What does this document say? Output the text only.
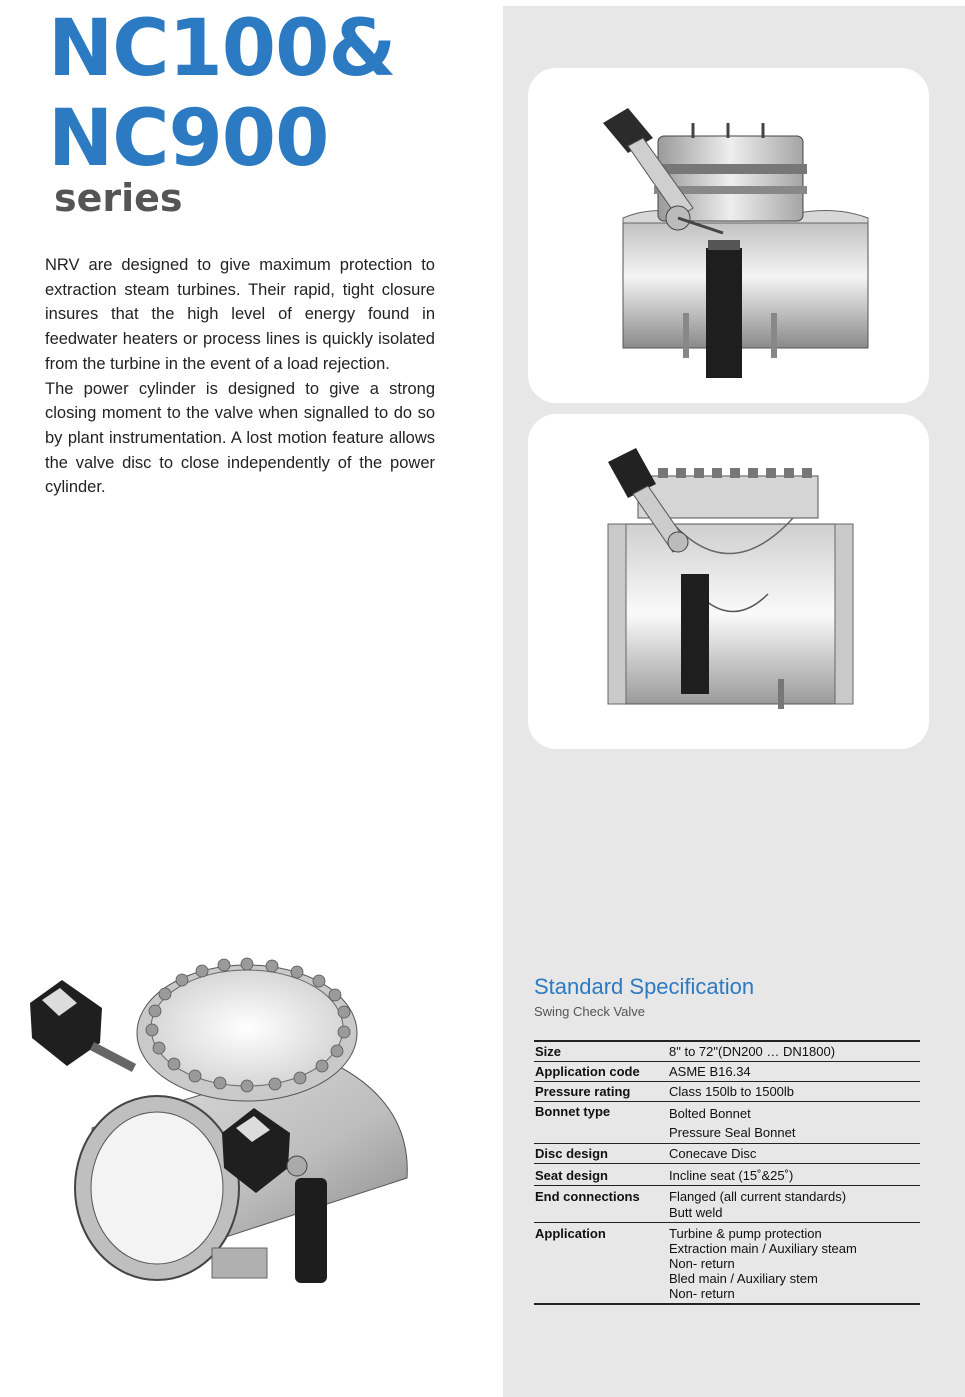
NC100&
NC900
series

NRV are designed to give maximum protection to extraction steam turbines. Their rapid, tight closure insures that the high level of energy found in feedwater heaters or process lines is quickly isolated from the turbine in the event of a load rejection.

The power cylinder is designed to give a strong closing moment to the valve when signalled to do so by plant instrumentation. A lost motion feature allows the valve disc to close independently of the power cylinder.

Standard Specification
Swing Check Valve
Size	8" to 72"(DN200 … DN1800)
Application code	ASME B16.34
Pressure rating	Class 150lb to 1500lb
Bonnet type	Bolted Bonnet
Pressure Seal Bonnet
Disc design	Conecave Disc
Seat design	Incline seat (15˚&25˚)
End connections	Flanged (all current standards)
Butt weld
Application	Turbine & pump protection
Extraction main / Auxiliary steam
Non- return
Bled main / Auxiliary stem
Non- return
